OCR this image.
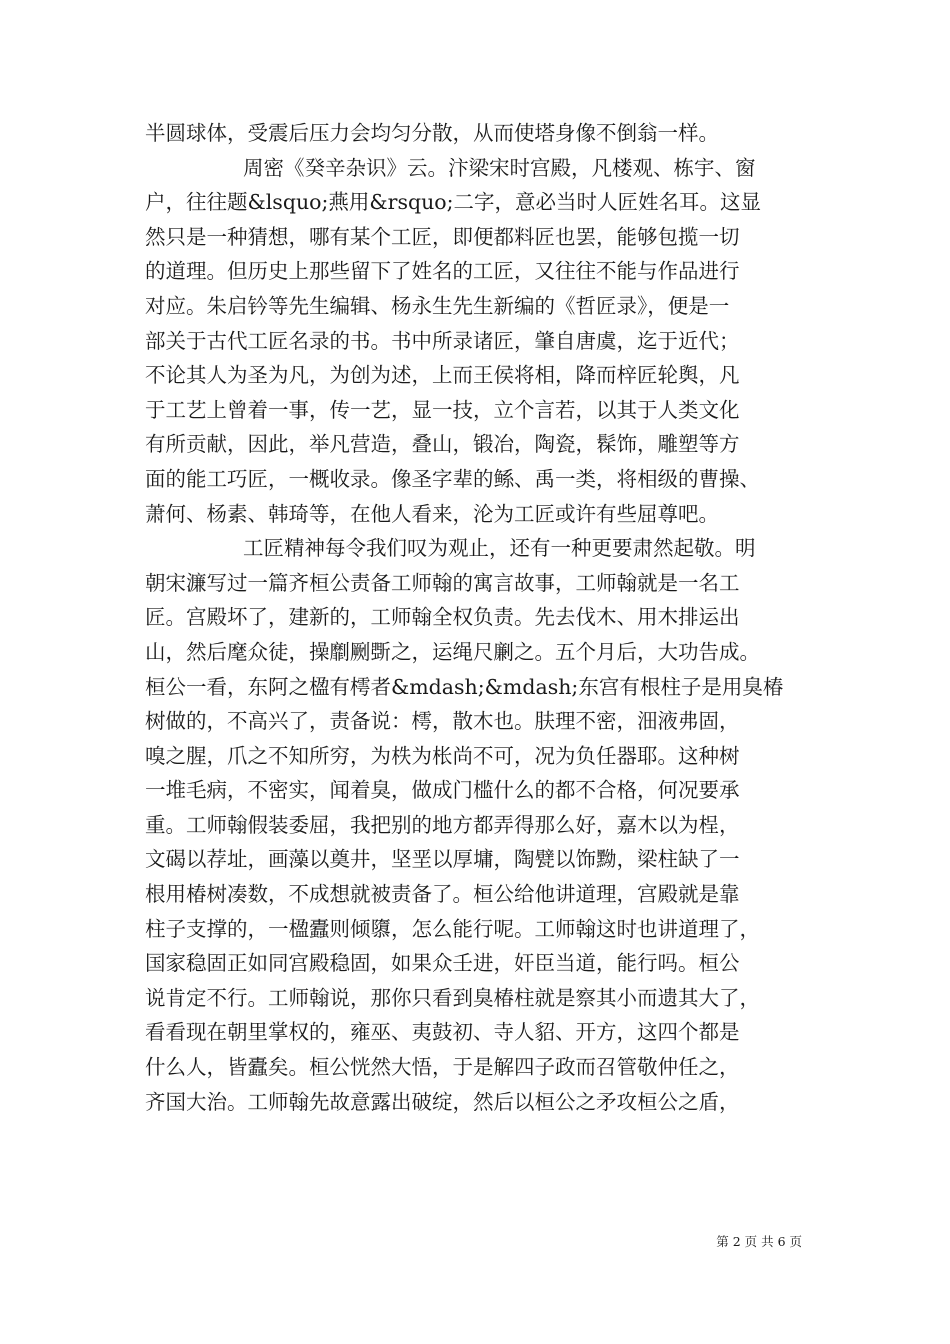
半圆球体，受震后压力会均匀分散，从而使塔身像不倒翁一样。
周密《癸辛杂识》云。汴梁宋时宫殿，凡楼观、栋宇、窗
户，往往题&lsquo;燕用&rsquo;二字，意必当时人匠姓名耳。这显
然只是一种猜想，哪有某个工匠，即便都料匠也罢，能够包揽一切
的道理。但历史上那些留下了姓名的工匠，又往往不能与作品进行
对应。朱启钤等先生编辑、杨永生先生新编的《哲匠录》，便是一
部关于古代工匠名录的书。书中所录诸匠，肇自唐虞，迄于近代；
不论其人为圣为凡，为创为述，上而王侯将相，降而梓匠轮舆，凡
于工艺上曾着一事，传一艺，显一技，立个言若，以其于人类文化
有所贡献，因此，举凡营造，叠山，锻冶，陶瓷，髹饰，雕塑等方
面的能工巧匠，一概收录。像圣字辈的鲧、禹一类，将相级的曹操、
萧何、杨素、韩琦等，在他人看来，沦为工匠或许有些屈尊吧。
工匠精神每令我们叹为观止，还有一种更要肃然起敬。明
朝宋濂写过一篇齐桓公责备工师翰的寓言故事，工师翰就是一名工
匠。宫殿坏了，建新的，工师翰全权负责。先去伐木、用木排运出
山，然后麾众徒，操劘劂斲之，运绳尺劆之。五个月后，大功告成。
桓公一看，东阿之楹有樗者&mdash;&mdash;东宫有根柱子是用臭椿
树做的，不高兴了，责备说：樗，散木也。肤理不密，沺液弗固，
嗅之腥，爪之不知所穷，为柣为枨尚不可，况为负任器耶。这种树
一堆毛病，不密实，闻着臭，做成门槛什么的都不合格，何况要承
重。工师翰假装委屈，我把别的地方都弄得那么好，嘉木以为桯，
文碣以荐址，画藻以奠井，坚垩以厚墉，陶甓以饰黝，梁柱缺了一
根用椿树凑数，不成想就被责备了。桓公给他讲道理，宫殿就是靠
柱子支撑的，一楹蠹则倾隳，怎么能行呢。工师翰这时也讲道理了，
国家稳固正如同宫殿稳固，如果众壬进，奸臣当道，能行吗。桓公
说肯定不行。工师翰说，那你只看到臭椿柱就是察其小而遗其大了，
看看现在朝里掌权的，雍巫、夷鼓初、寺人貂、开方，这四个都是
什么人，皆蠹矣。桓公恍然大悟，于是解四子政而召管敬仲任之，
齐国大治。工师翰先故意露出破绽，然后以桓公之矛攻桓公之盾，
第 2 页 共 6 页
